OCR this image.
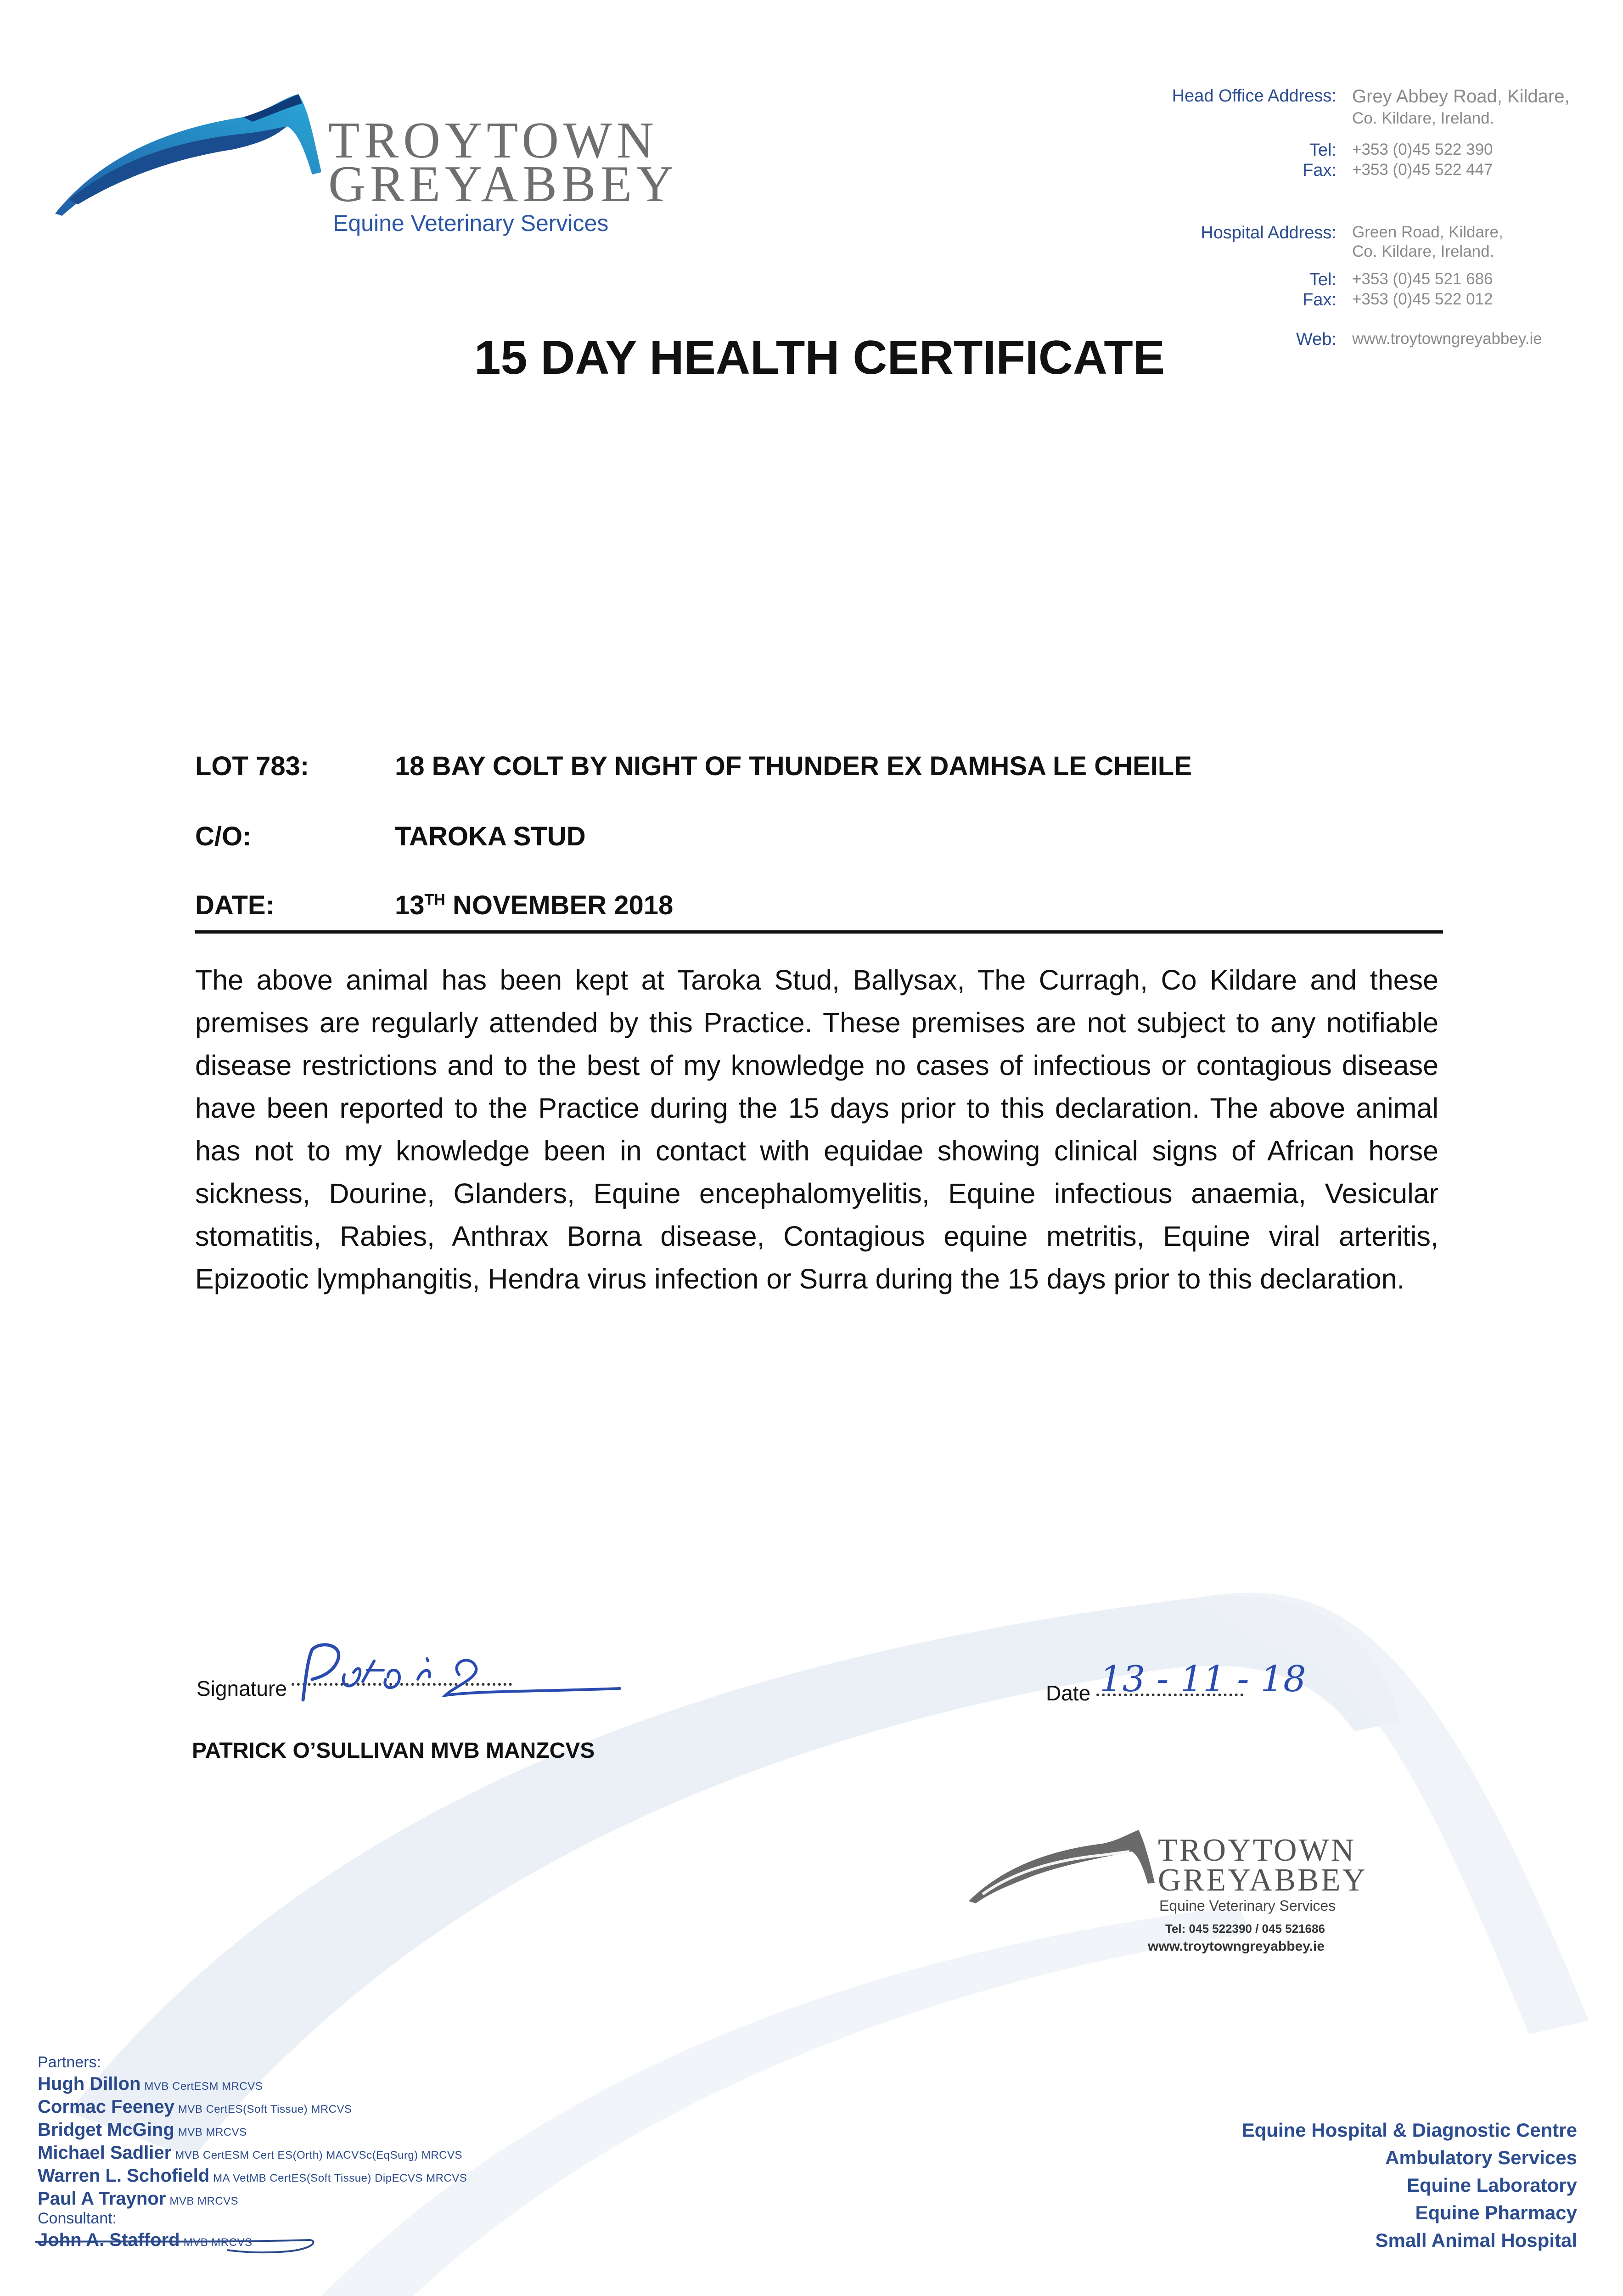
TROYTOWN
GREYABBEY
Equine Veterinary Services
Head Office Address: Grey Abbey Road, Kildare,
Co. Kildare, Ireland.
Tel: +353 (0)45 522 390
Fax: +353 (0)45 522 447
Hospital Address: Green Road, Kildare,
Co. Kildare, Ireland.
Tel: +353 (0)45 521 686
Fax: +353 (0)45 522 012
Web: www.troytowngreyabbey.ie
15 DAY HEALTH CERTIFICATE
LOT 783:	18 BAY COLT BY NIGHT OF THUNDER EX DAMHSA LE CHEILE
C/O:	TAROKA STUD
DATE:	13TH NOVEMBER 2018
The above animal has been kept at Taroka Stud, Ballysax, The Curragh, Co Kildare and these premises are regularly attended by this Practice. These premises are not subject to any notifiable disease restrictions and to the best of my knowledge no cases of infectious or contagious disease have been reported to the Practice during the 15 days prior to this declaration. The above animal has not to my knowledge been in contact with equidae showing clinical signs of African horse sickness, Dourine, Glanders, Equine encephalomyelitis, Equine infectious anaemia, Vesicular stomatitis, Rabies, Anthrax Borna disease, Contagious equine metritis, Equine viral arteritis, Epizootic lymphangitis, Hendra virus infection or Surra during the 15 days prior to this declaration.
Signature
PATRICK O’SULLIVAN MVB MANZCVS
Date 13 - 11 - 18
TROYTOWN
GREYABBEY
Equine Veterinary Services
Tel: 045 522390 / 045 521686
www.troytowngreyabbey.ie
Partners:
Hugh Dillon MVB CertESM MRCVS
Cormac Feeney MVB CertES(Soft Tissue) MRCVS
Bridget McGing MVB MRCVS
Michael Sadlier MVB CertESM Cert ES(Orth) MACVSc(EqSurg) MRCVS
Warren L. Schofield MA VetMB CertES(Soft Tissue) DipECVS MRCVS
Paul A Traynor MVB MRCVS
Consultant:
John A. Stafford MVB MRCVS
Equine Hospital & Diagnostic Centre
Ambulatory Services
Equine Laboratory
Equine Pharmacy
Small Animal Hospital
